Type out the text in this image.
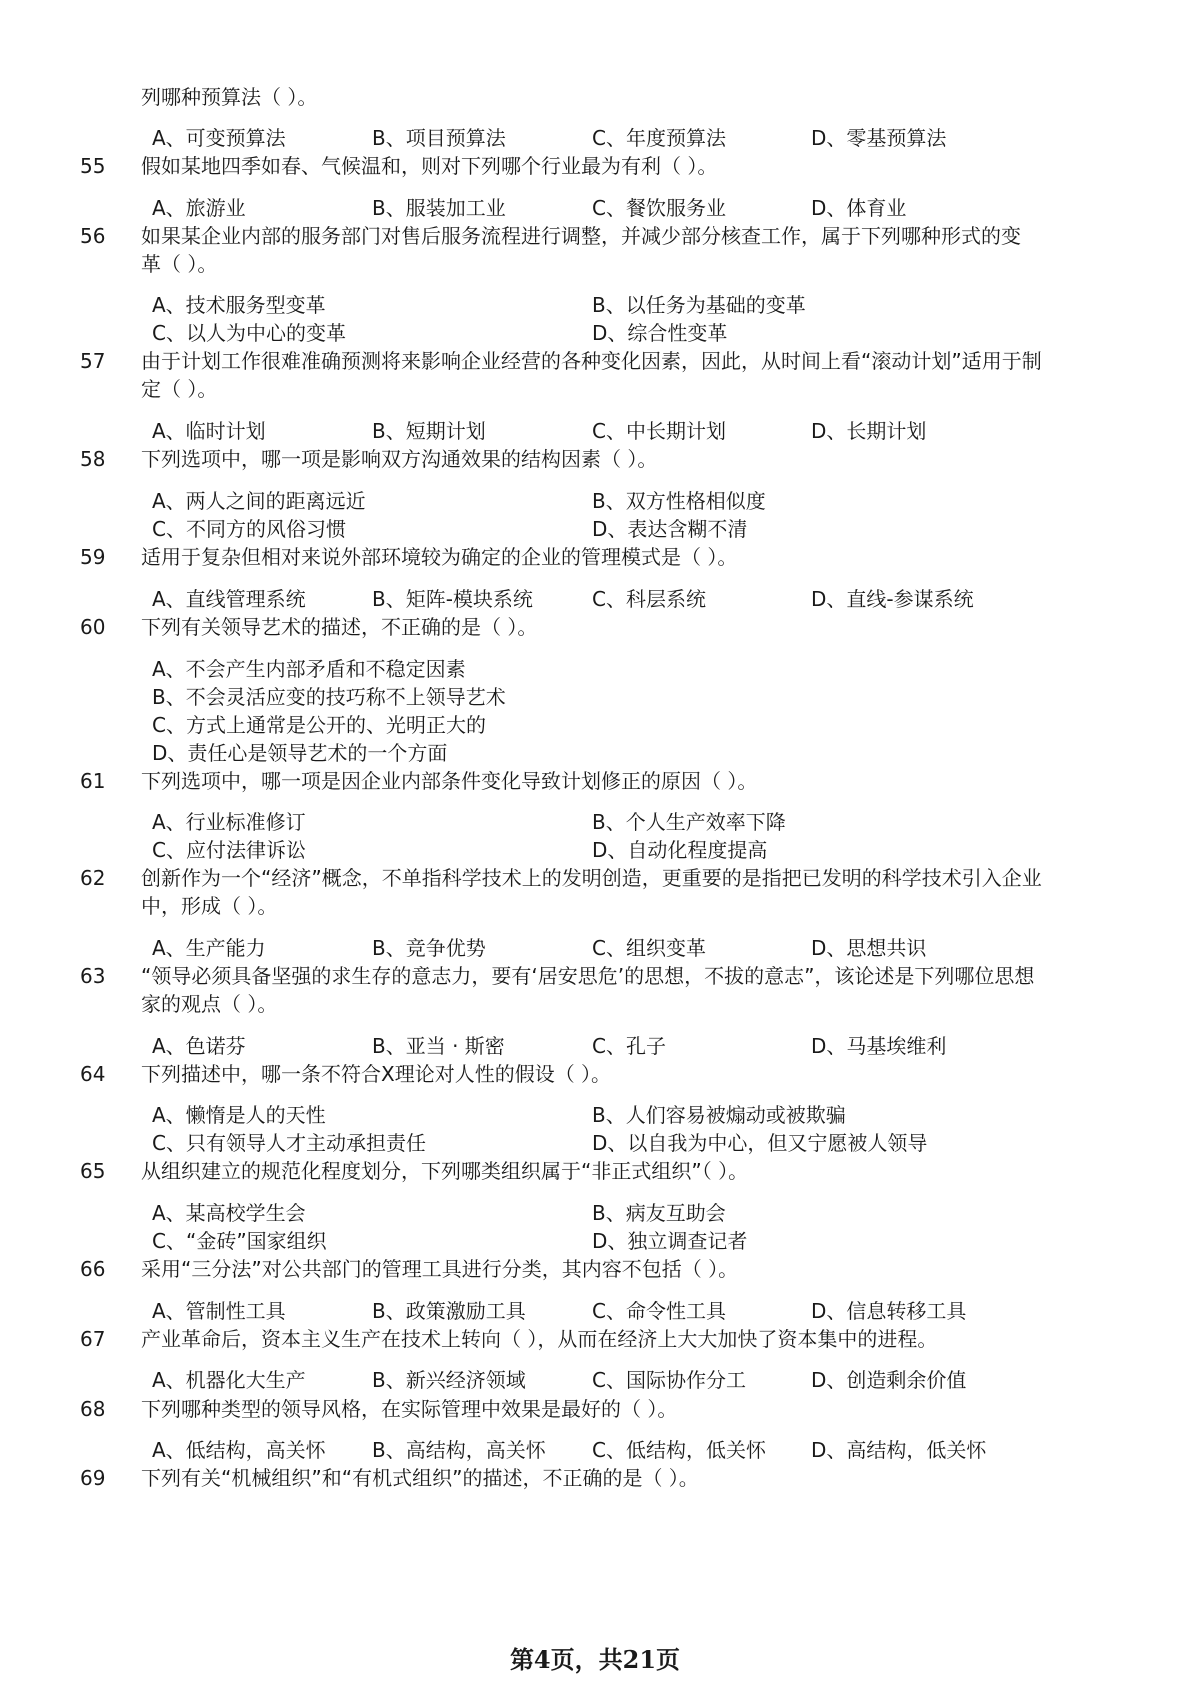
列哪种预算法（ ）。
A、可变预算法	B、项目预算法	C、年度预算法	D、零基预算法
55	假如某地四季如春、气候温和，则对下列哪个行业最为有利（ ）。
A、旅游业	B、服装加工业	C、餐饮服务业	D、体育业
56	如果某企业内部的服务部门对售后服务流程进行调整，并减少部分核查工作，属于下列哪种形式的变
革（ ）。
A、技术服务型变革	B、以任务为基础的变革
C、以人为中心的变革	D、综合性变革
57	由于计划工作很难准确预测将来影响企业经营的各种变化因素，因此，从时间上看“滚动计划”适用于制
定（ ）。
A、临时计划	B、短期计划	C、中长期计划	D、长期计划
58	下列选项中，哪一项是影响双方沟通效果的结构因素（ ）。
A、两人之间的距离远近	B、双方性格相似度
C、不同方的风俗习惯	D、表达含糊不清
59	适用于复杂但相对来说外部环境较为确定的企业的管理模式是（ ）。
A、直线管理系统	B、矩阵-模块系统	C、科层系统	D、直线-参谋系统
60	下列有关领导艺术的描述，不正确的是（ ）。
A、不会产生内部矛盾和不稳定因素
B、不会灵活应变的技巧称不上领导艺术
C、方式上通常是公开的、光明正大的
D、责任心是领导艺术的一个方面
61	下列选项中，哪一项是因企业内部条件变化导致计划修正的原因（ ）。
A、行业标准修订	B、个人生产效率下降
C、应付法律诉讼	D、自动化程度提高
62	创新作为一个“经济”概念，不单指科学技术上的发明创造，更重要的是指把已发明的科学技术引入企业
中，形成（ ）。
A、生产能力	B、竞争优势	C、组织变革	D、思想共识
63	“领导必须具备坚强的求生存的意志力，要有‘居安思危’的思想，不拔的意志”，该论述是下列哪位思想
家的观点（ ）。
A、色诺芬	B、亚当 · 斯密	C、孔子	D、马基埃维利
64	下列描述中，哪一条不符合X理论对人性的假设（ ）。
A、懒惰是人的天性	B、人们容易被煽动或被欺骗
C、只有领导人才主动承担责任	D、以自我为中心，但又宁愿被人领导
65	从组织建立的规范化程度划分，下列哪类组织属于“非正式组织”（ ）。
A、某高校学生会	B、病友互助会
C、“金砖”国家组织	D、独立调查记者
66	采用“三分法”对公共部门的管理工具进行分类，其内容不包括（ ）。
A、管制性工具	B、政策激励工具	C、命令性工具	D、信息转移工具
67	产业革命后，资本主义生产在技术上转向（ ），从而在经济上大大加快了资本集中的进程。
A、机器化大生产	B、新兴经济领域	C、国际协作分工	D、创造剩余价值
68	下列哪种类型的领导风格，在实际管理中效果是最好的（ ）。
A、低结构，高关怀 B、高结构，高关怀 C、低结构，低关怀 D、高结构，低关怀
69	下列有关“机械组织”和“有机式组织”的描述，不正确的是（ ）。
第4页，共21页
